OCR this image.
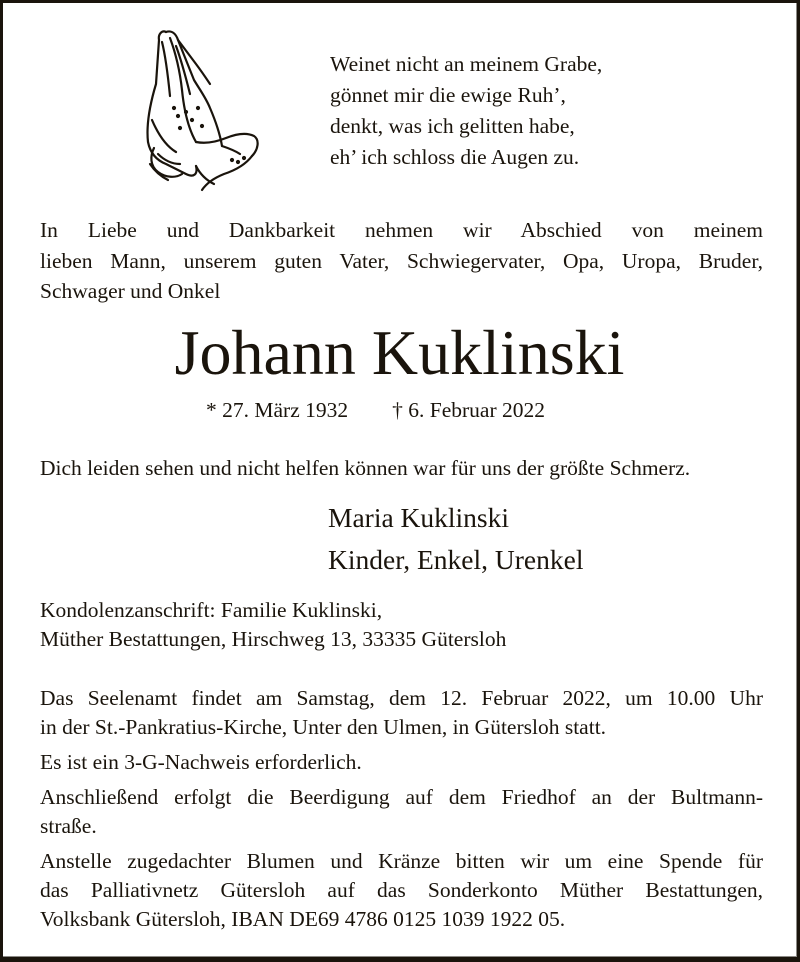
Weinet nicht an meinem Grabe,
gönnet mir die ewige Ruh’,
denkt, was ich gelitten habe,
eh’ ich schloss die Augen zu.
In Liebe und Dankbarkeit nehmen wir Abschied von meinem
lieben Mann, unserem guten Vater, Schwiegervater, Opa, Uropa, Bruder,
Schwager und Onkel
Johann Kuklinski
* 27. März 1932 † 6. Februar 2022
Dich leiden sehen und nicht helfen können war für uns der größte Schmerz.
Maria Kuklinski
Kinder, Enkel, Urenkel
Kondolenzanschrift: Familie Kuklinski,
Müther Bestattungen, Hirschweg 13, 33335 Gütersloh

Das Seelenamt findet am Samstag, dem 12. Februar 2022, um 10.00 Uhr
in der St.-Pankratius-Kirche, Unter den Ulmen, in Gütersloh statt.

Es ist ein 3-G-Nachweis erforderlich.

Anschließend erfolgt die Beerdigung auf dem Friedhof an der Bultmann-
straße.

Anstelle zugedachter Blumen und Kränze bitten wir um eine Spende für
das Palliativnetz Gütersloh auf das Sonderkonto Müther Bestattungen,
Volksbank Gütersloh, IBAN DE69 4786 0125 1039 1922 05.
